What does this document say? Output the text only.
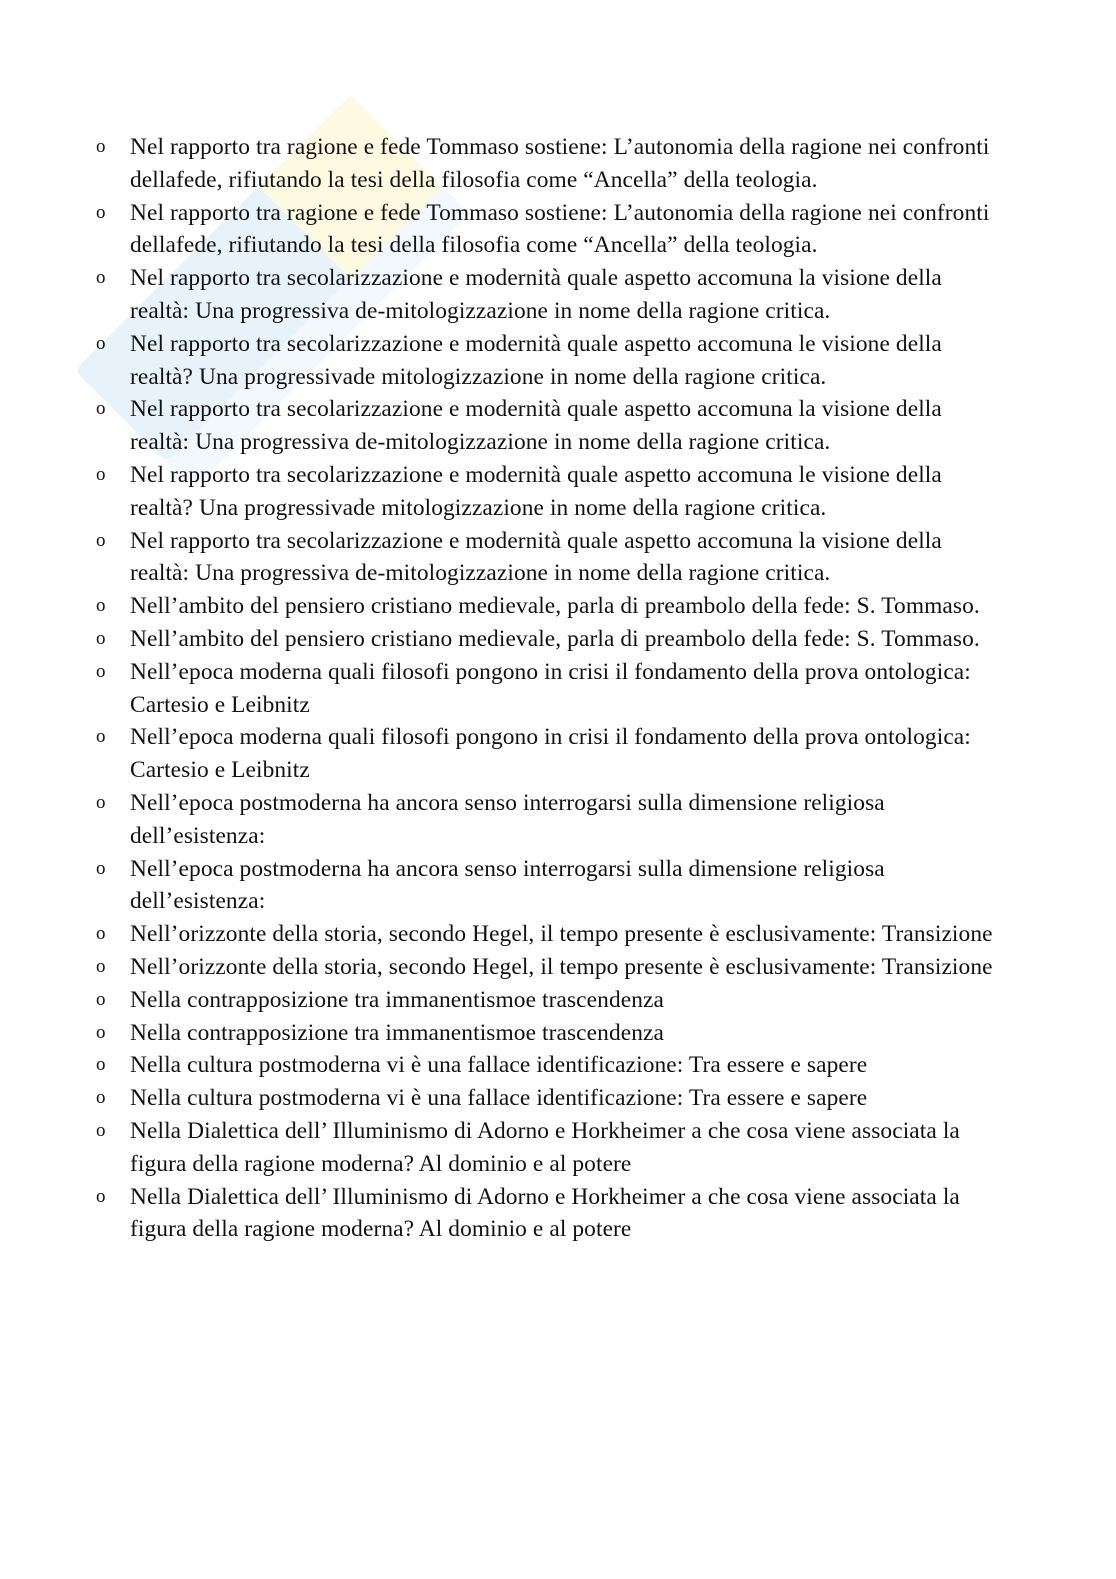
o Nel rapporto tra ragione e fede Tommaso sostiene: L’autonomia della ragione nei confronti dellafede, rifiutando la tesi della filosofia come “Ancella” della teologia.
o Nel rapporto tra ragione e fede Tommaso sostiene: L’autonomia della ragione nei confronti dellafede, rifiutando la tesi della filosofia come “Ancella” della teologia.
o Nel rapporto tra secolarizzazione e modernità quale aspetto accomuna la visione della realtà: Una progressiva de-mitologizzazione in nome della ragione critica.
o Nel rapporto tra secolarizzazione e modernità quale aspetto accomuna le visione della realtà? Una progressivade mitologizzazione in nome della ragione critica.
o Nel rapporto tra secolarizzazione e modernità quale aspetto accomuna la visione della realtà: Una progressiva de-mitologizzazione in nome della ragione critica.
o Nel rapporto tra secolarizzazione e modernità quale aspetto accomuna le visione della realtà? Una progressivade mitologizzazione in nome della ragione critica.
o Nel rapporto tra secolarizzazione e modernità quale aspetto accomuna la visione della realtà: Una progressiva de-mitologizzazione in nome della ragione critica.
o Nell’ambito del pensiero cristiano medievale, parla di preambolo della fede: S. Tommaso.
o Nell’ambito del pensiero cristiano medievale, parla di preambolo della fede: S. Tommaso.
o Nell’epoca moderna quali filosofi pongono in crisi il fondamento della prova ontologica: Cartesio e Leibnitz
o Nell’epoca moderna quali filosofi pongono in crisi il fondamento della prova ontologica: Cartesio e Leibnitz
o Nell’epoca postmoderna ha ancora senso interrogarsi sulla dimensione religiosa dell’esistenza:
o Nell’epoca postmoderna ha ancora senso interrogarsi sulla dimensione religiosa dell’esistenza:
o Nell’orizzonte della storia, secondo Hegel, il tempo presente è esclusivamente: Transizione
o Nell’orizzonte della storia, secondo Hegel, il tempo presente è esclusivamente: Transizione
o Nella contrapposizione tra immanentismoe trascendenza
o Nella contrapposizione tra immanentismoe trascendenza
o Nella cultura postmoderna vi è una fallace identificazione: Tra essere e sapere
o Nella cultura postmoderna vi è una fallace identificazione: Tra essere e sapere
o Nella Dialettica dell’ Illuminismo di Adorno e Horkheimer a che cosa viene associata la figura della ragione moderna? Al dominio e al potere
o Nella Dialettica dell’ Illuminismo di Adorno e Horkheimer a che cosa viene associata la figura della ragione moderna? Al dominio e al potere
